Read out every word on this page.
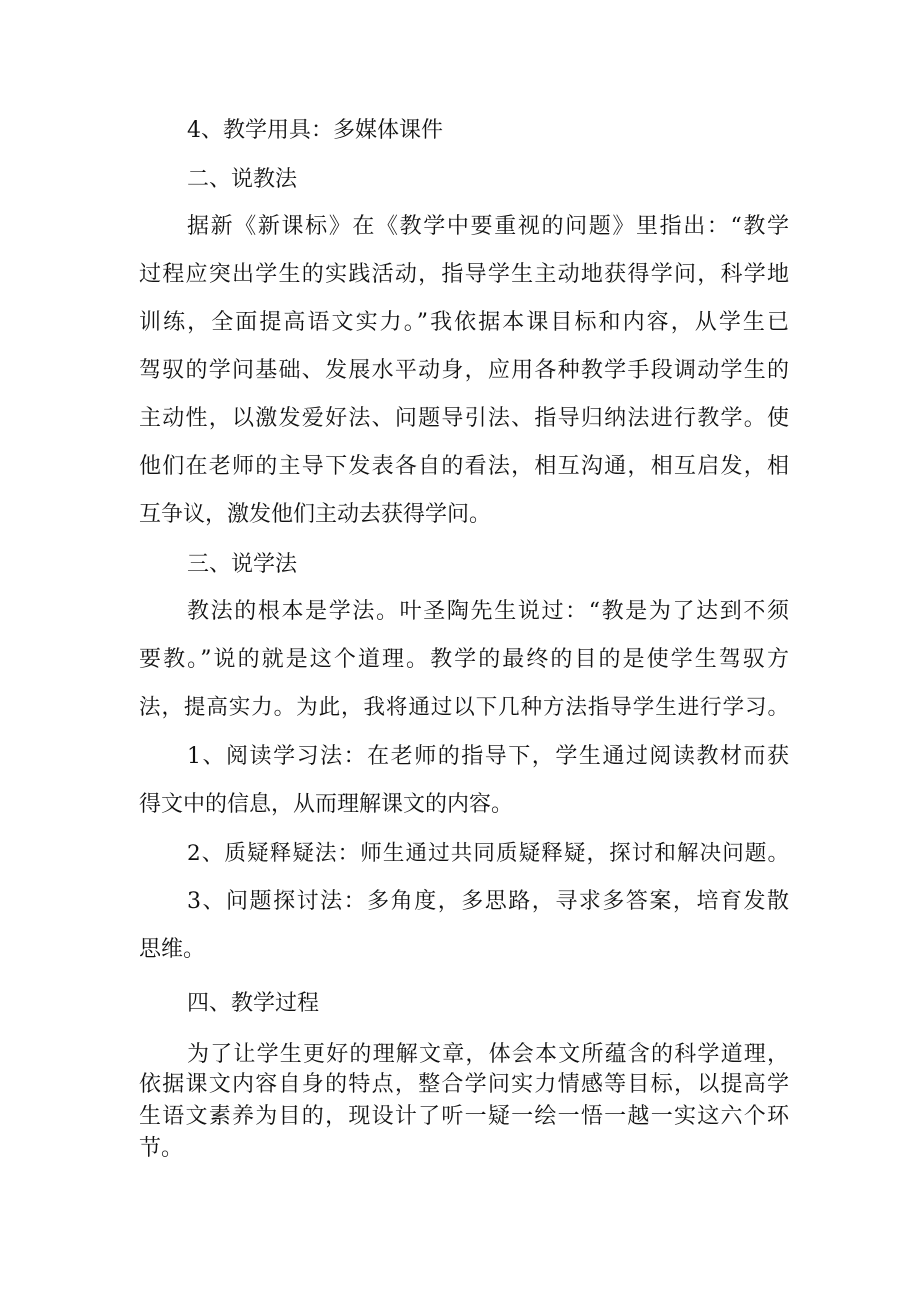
4、教学用具：多媒体课件
二、说教法
据新《新课标》在《教学中要重视的问题》里指出：“教学
过程应突出学生的实践活动，指导学生主动地获得学问，科学地
训练，全面提高语文实力。”我依据本课目标和内容，从学生已
驾驭的学问基础、发展水平动身，应用各种教学手段调动学生的
主动性，以激发爱好法、问题导引法、指导归纳法进行教学。使
他们在老师的主导下发表各自的看法，相互沟通，相互启发，相
互争议，激发他们主动去获得学问。
三、说学法
教法的根本是学法。叶圣陶先生说过：“教是为了达到不须
要教。”说的就是这个道理。教学的最终的目的是使学生驾驭方
法，提高实力。为此，我将通过以下几种方法指导学生进行学习。
1、阅读学习法：在老师的指导下，学生通过阅读教材而获
得文中的信息，从而理解课文的内容。
2、质疑释疑法：师生通过共同质疑释疑，探讨和解决问题。
3、问题探讨法：多角度，多思路，寻求多答案，培育发散
思维。
四、教学过程
为了让学生更好的理解文章，体会本文所蕴含的科学道理，
依据课文内容自身的特点，整合学问实力情感等目标，以提高学
生语文素养为目的，现设计了听一疑一绘一悟一越一实这六个环
节。
